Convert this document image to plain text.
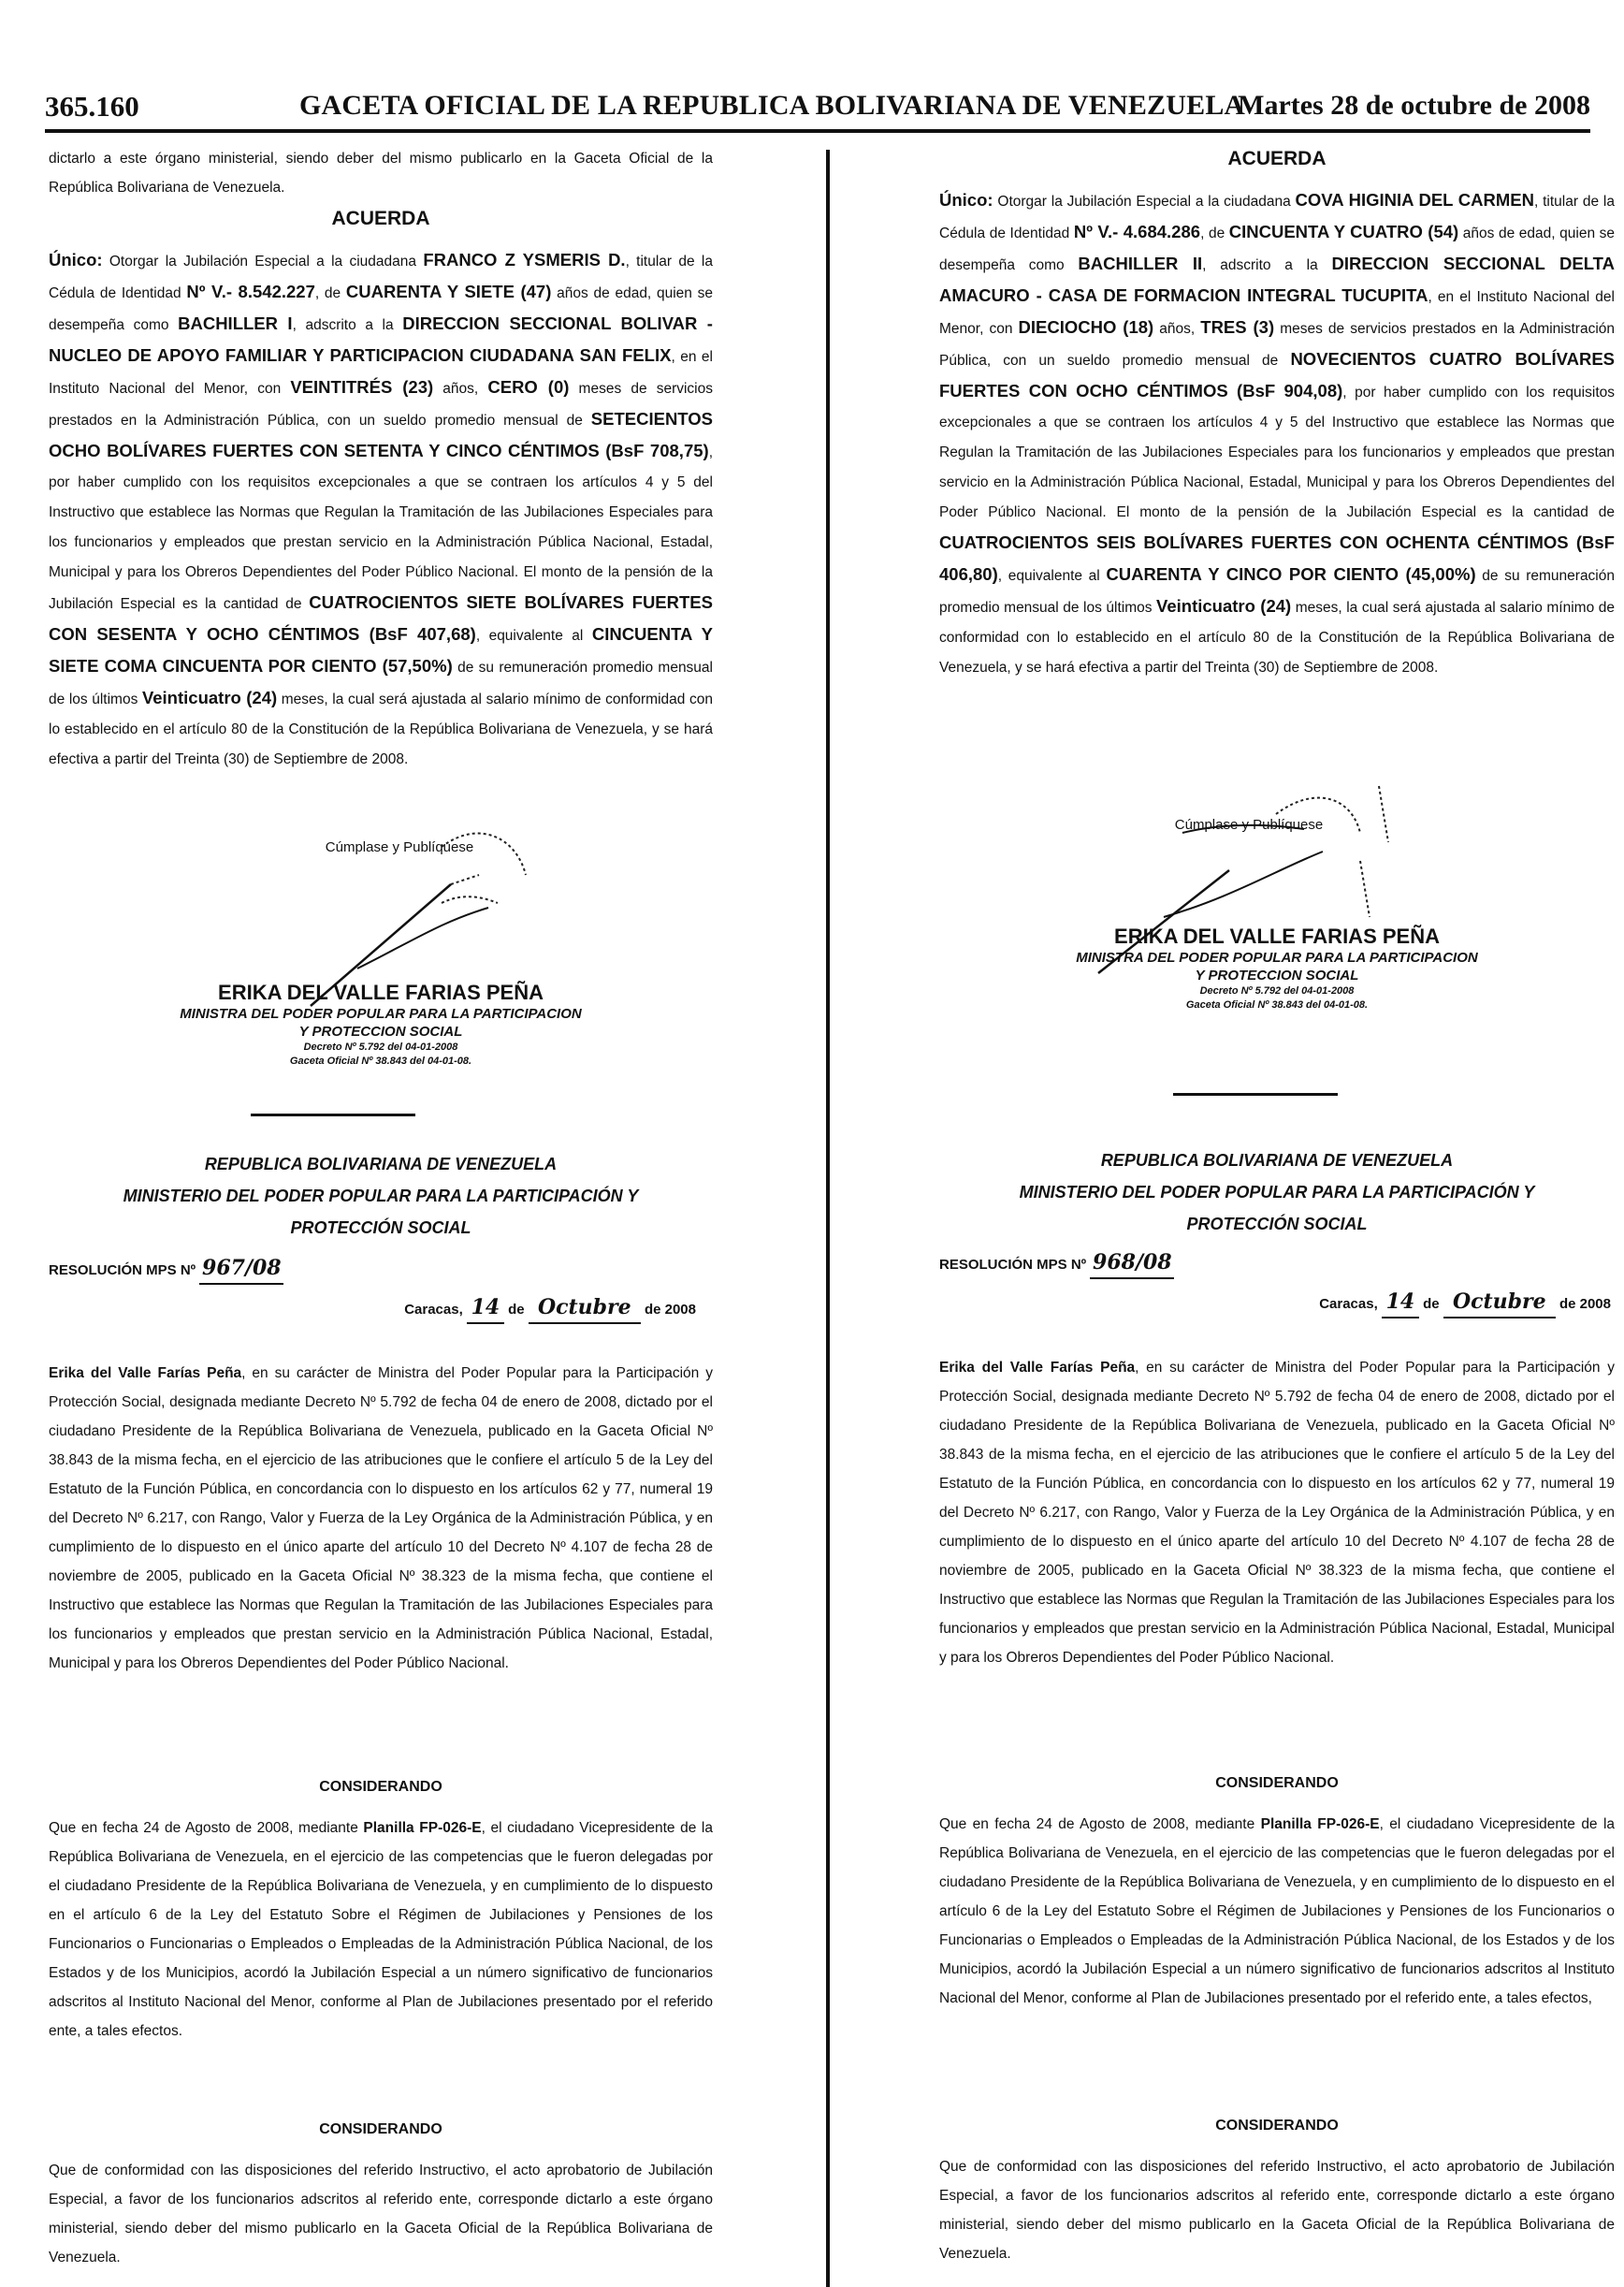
365.160	GACETA OFICIAL DE LA REPUBLICA BOLIVARIANA DE VENEZUELA
Martes 28 de octubre de 2008

dictarlo a este órgano ministerial, siendo deber del mismo publicarlo en la Gaceta Oficial de la República Bolivariana de Venezuela.

ACUERDA

Único: Otorgar la Jubilación Especial a la ciudadana FRANCO Z YSMERIS D., titular de la Cédula de Identidad Nº V.- 8.542.227, de CUARENTA Y SIETE (47) años de edad, quien se desempeña como BACHILLER I, adscrito a la DIRECCION SECCIONAL BOLIVAR - NUCLEO DE APOYO FAMILIAR Y PARTICIPACION CIUDADANA SAN FELIX, en el Instituto Nacional del Menor, con VEINTITRÉS (23) años, CERO (0) meses de servicios prestados en la Administración Pública, con un sueldo promedio mensual de SETECIENTOS OCHO BOLÍVARES FUERTES CON SETENTA Y CINCO CÉNTIMOS (BsF 708,75), por haber cumplido con los requisitos excepcionales a que se contraen los artículos 4 y 5 del Instructivo que establece las Normas que Regulan la Tramitación de las Jubilaciones Especiales para los funcionarios y empleados que prestan servicio en la Administración Pública Nacional, Estadal, Municipal y para los Obreros Dependientes del Poder Público Nacional. El monto de la pensión de la Jubilación Especial es la cantidad de CUATROCIENTOS SIETE BOLÍVARES FUERTES CON SESENTA Y OCHO CÉNTIMOS (BsF 407,68), equivalente al CINCUENTA Y SIETE COMA CINCUENTA POR CIENTO (57,50%) de su remuneración promedio mensual de los últimos Veinticuatro (24) meses, la cual será ajustada al salario mínimo de conformidad con lo establecido en el artículo 80 de la Constitución de la República Bolivariana de Venezuela, y se hará efectiva a partir del Treinta (30) de Septiembre de 2008.

Cúmplase y Publíquese
ERIKA DEL VALLE FARIAS PEÑA
MINISTRA DEL PODER POPULAR PARA LA PARTICIPACION
Y PROTECCION SOCIAL
Decreto Nº 5.792 del 04-01-2008
Gaceta Oficial Nº 38.843 del 04-01-08.
REPUBLICA BOLIVARIANA DE VENEZUELA
MINISTERIO DEL PODER POPULAR PARA LA PARTICIPACIÓN Y
PROTECCIÓN SOCIAL
RESOLUCIÓN MPS Nº 967/08
Caracas, 14 de Octubre de 2008

Erika del Valle Farías Peña, en su carácter de Ministra del Poder Popular para la Participación y Protección Social, designada mediante Decreto Nº 5.792 de fecha 04 de enero de 2008, dictado por el ciudadano Presidente de la República Bolivariana de Venezuela, publicado en la Gaceta Oficial Nº 38.843 de la misma fecha, en el ejercicio de las atribuciones que le confiere el artículo 5 de la Ley del Estatuto de la Función Pública, en concordancia con lo dispuesto en los artículos 62 y 77, numeral 19 del Decreto Nº 6.217, con Rango, Valor y Fuerza de la Ley Orgánica de la Administración Pública, y en cumplimiento de lo dispuesto en el único aparte del artículo 10 del Decreto Nº 4.107 de fecha 28 de noviembre de 2005, publicado en la Gaceta Oficial Nº 38.323 de la misma fecha, que contiene el Instructivo que establece las Normas que Regulan la Tramitación de las Jubilaciones Especiales para los funcionarios y empleados que prestan servicio en la Administración Pública Nacional, Estadal, Municipal y para los Obreros Dependientes del Poder Público Nacional.

CONSIDERANDO

Que en fecha 24 de Agosto de 2008, mediante Planilla FP-026-E, el ciudadano Vicepresidente de la República Bolivariana de Venezuela, en el ejercicio de las competencias que le fueron delegadas por el ciudadano Presidente de la República Bolivariana de Venezuela, y en cumplimiento de lo dispuesto en el artículo 6 de la Ley del Estatuto Sobre el Régimen de Jubilaciones y Pensiones de los Funcionarios o Funcionarias o Empleados o Empleadas de la Administración Pública Nacional, de los Estados y de los Municipios, acordó la Jubilación Especial a un número significativo de funcionarios adscritos al Instituto Nacional del Menor, conforme al Plan de Jubilaciones presentado por el referido ente, a tales efectos.

CONSIDERANDO

Que de conformidad con las disposiciones del referido Instructivo, el acto aprobatorio de Jubilación Especial, a favor de los funcionarios adscritos al referido ente, corresponde dictarlo a este órgano ministerial, siendo deber del mismo publicarlo en la Gaceta Oficial de la República Bolivariana de Venezuela.

ACUERDA

Único: Otorgar la Jubilación Especial a la ciudadana COVA HIGINIA DEL CARMEN, titular de la Cédula de Identidad Nº V.- 4.684.286, de CINCUENTA Y CUATRO (54) años de edad, quien se desempeña como BACHILLER II, adscrito a la DIRECCION SECCIONAL DELTA AMACURO - CASA DE FORMACION INTEGRAL TUCUPITA, en el Instituto Nacional del Menor, con DIECIOCHO (18) años, TRES (3) meses de servicios prestados en la Administración Pública, con un sueldo promedio mensual de NOVECIENTOS CUATRO BOLÍVARES FUERTES CON OCHO CÉNTIMOS (BsF 904,08), por haber cumplido con los requisitos excepcionales a que se contraen los artículos 4 y 5 del Instructivo que establece las Normas que Regulan la Tramitación de las Jubilaciones Especiales para los funcionarios y empleados que prestan servicio en la Administración Pública Nacional, Estadal, Municipal y para los Obreros Dependientes del Poder Público Nacional. El monto de la pensión de la Jubilación Especial es la cantidad de CUATROCIENTOS SEIS BOLÍVARES FUERTES CON OCHENTA CÉNTIMOS (BsF 406,80), equivalente al CUARENTA Y CINCO POR CIENTO (45,00%) de su remuneración promedio mensual de los últimos Veinticuatro (24) meses, la cual será ajustada al salario mínimo de conformidad con lo establecido en el artículo 80 de la Constitución de la República Bolivariana de Venezuela, y se hará efectiva a partir del Treinta (30) de Septiembre de 2008.

Cúmplase y Publíquese
ERIKA DEL VALLE FARIAS PEÑA
MINISTRA DEL PODER POPULAR PARA LA PARTICIPACION
Y PROTECCION SOCIAL
Decreto Nº 5.792 del 04-01-2008
Gaceta Oficial Nº 38.843 del 04-01-08.
REPUBLICA BOLIVARIANA DE VENEZUELA
MINISTERIO DEL PODER POPULAR PARA LA PARTICIPACIÓN Y
PROTECCIÓN SOCIAL
RESOLUCIÓN MPS Nº 968/08
Caracas, 14 de Octubre de 2008

Erika del Valle Farías Peña, en su carácter de Ministra del Poder Popular para la Participación y Protección Social, designada mediante Decreto Nº 5.792 de fecha 04 de enero de 2008, dictado por el ciudadano Presidente de la República Bolivariana de Venezuela, publicado en la Gaceta Oficial Nº 38.843 de la misma fecha, en el ejercicio de las atribuciones que le confiere el artículo 5 de la Ley del Estatuto de la Función Pública, en concordancia con lo dispuesto en los artículos 62 y 77, numeral 19 del Decreto Nº 6.217, con Rango, Valor y Fuerza de la Ley Orgánica de la Administración Pública, y en cumplimiento de lo dispuesto en el único aparte del artículo 10 del Decreto Nº 4.107 de fecha 28 de noviembre de 2005, publicado en la Gaceta Oficial Nº 38.323 de la misma fecha, que contiene el Instructivo que establece las Normas que Regulan la Tramitación de las Jubilaciones Especiales para los funcionarios y empleados que prestan servicio en la Administración Pública Nacional, Estadal, Municipal y para los Obreros Dependientes del Poder Público Nacional.

CONSIDERANDO

Que en fecha 24 de Agosto de 2008, mediante Planilla FP-026-E, el ciudadano Vicepresidente de la República Bolivariana de Venezuela, en el ejercicio de las competencias que le fueron delegadas por el ciudadano Presidente de la República Bolivariana de Venezuela, y en cumplimiento de lo dispuesto en el artículo 6 de la Ley del Estatuto Sobre el Régimen de Jubilaciones y Pensiones de los Funcionarios o Funcionarias o Empleados o Empleadas de la Administración Pública Nacional, de los Estados y de los Municipios, acordó la Jubilación Especial a un número significativo de funcionarios adscritos al Instituto Nacional del Menor, conforme al Plan de Jubilaciones presentado por el referido ente, a tales efectos,

CONSIDERANDO

Que de conformidad con las disposiciones del referido Instructivo, el acto aprobatorio de Jubilación Especial, a favor de los funcionarios adscritos al referido ente, corresponde dictarlo a este órgano ministerial, siendo deber del mismo publicarlo en la Gaceta Oficial de la República Bolivariana de Venezuela.
